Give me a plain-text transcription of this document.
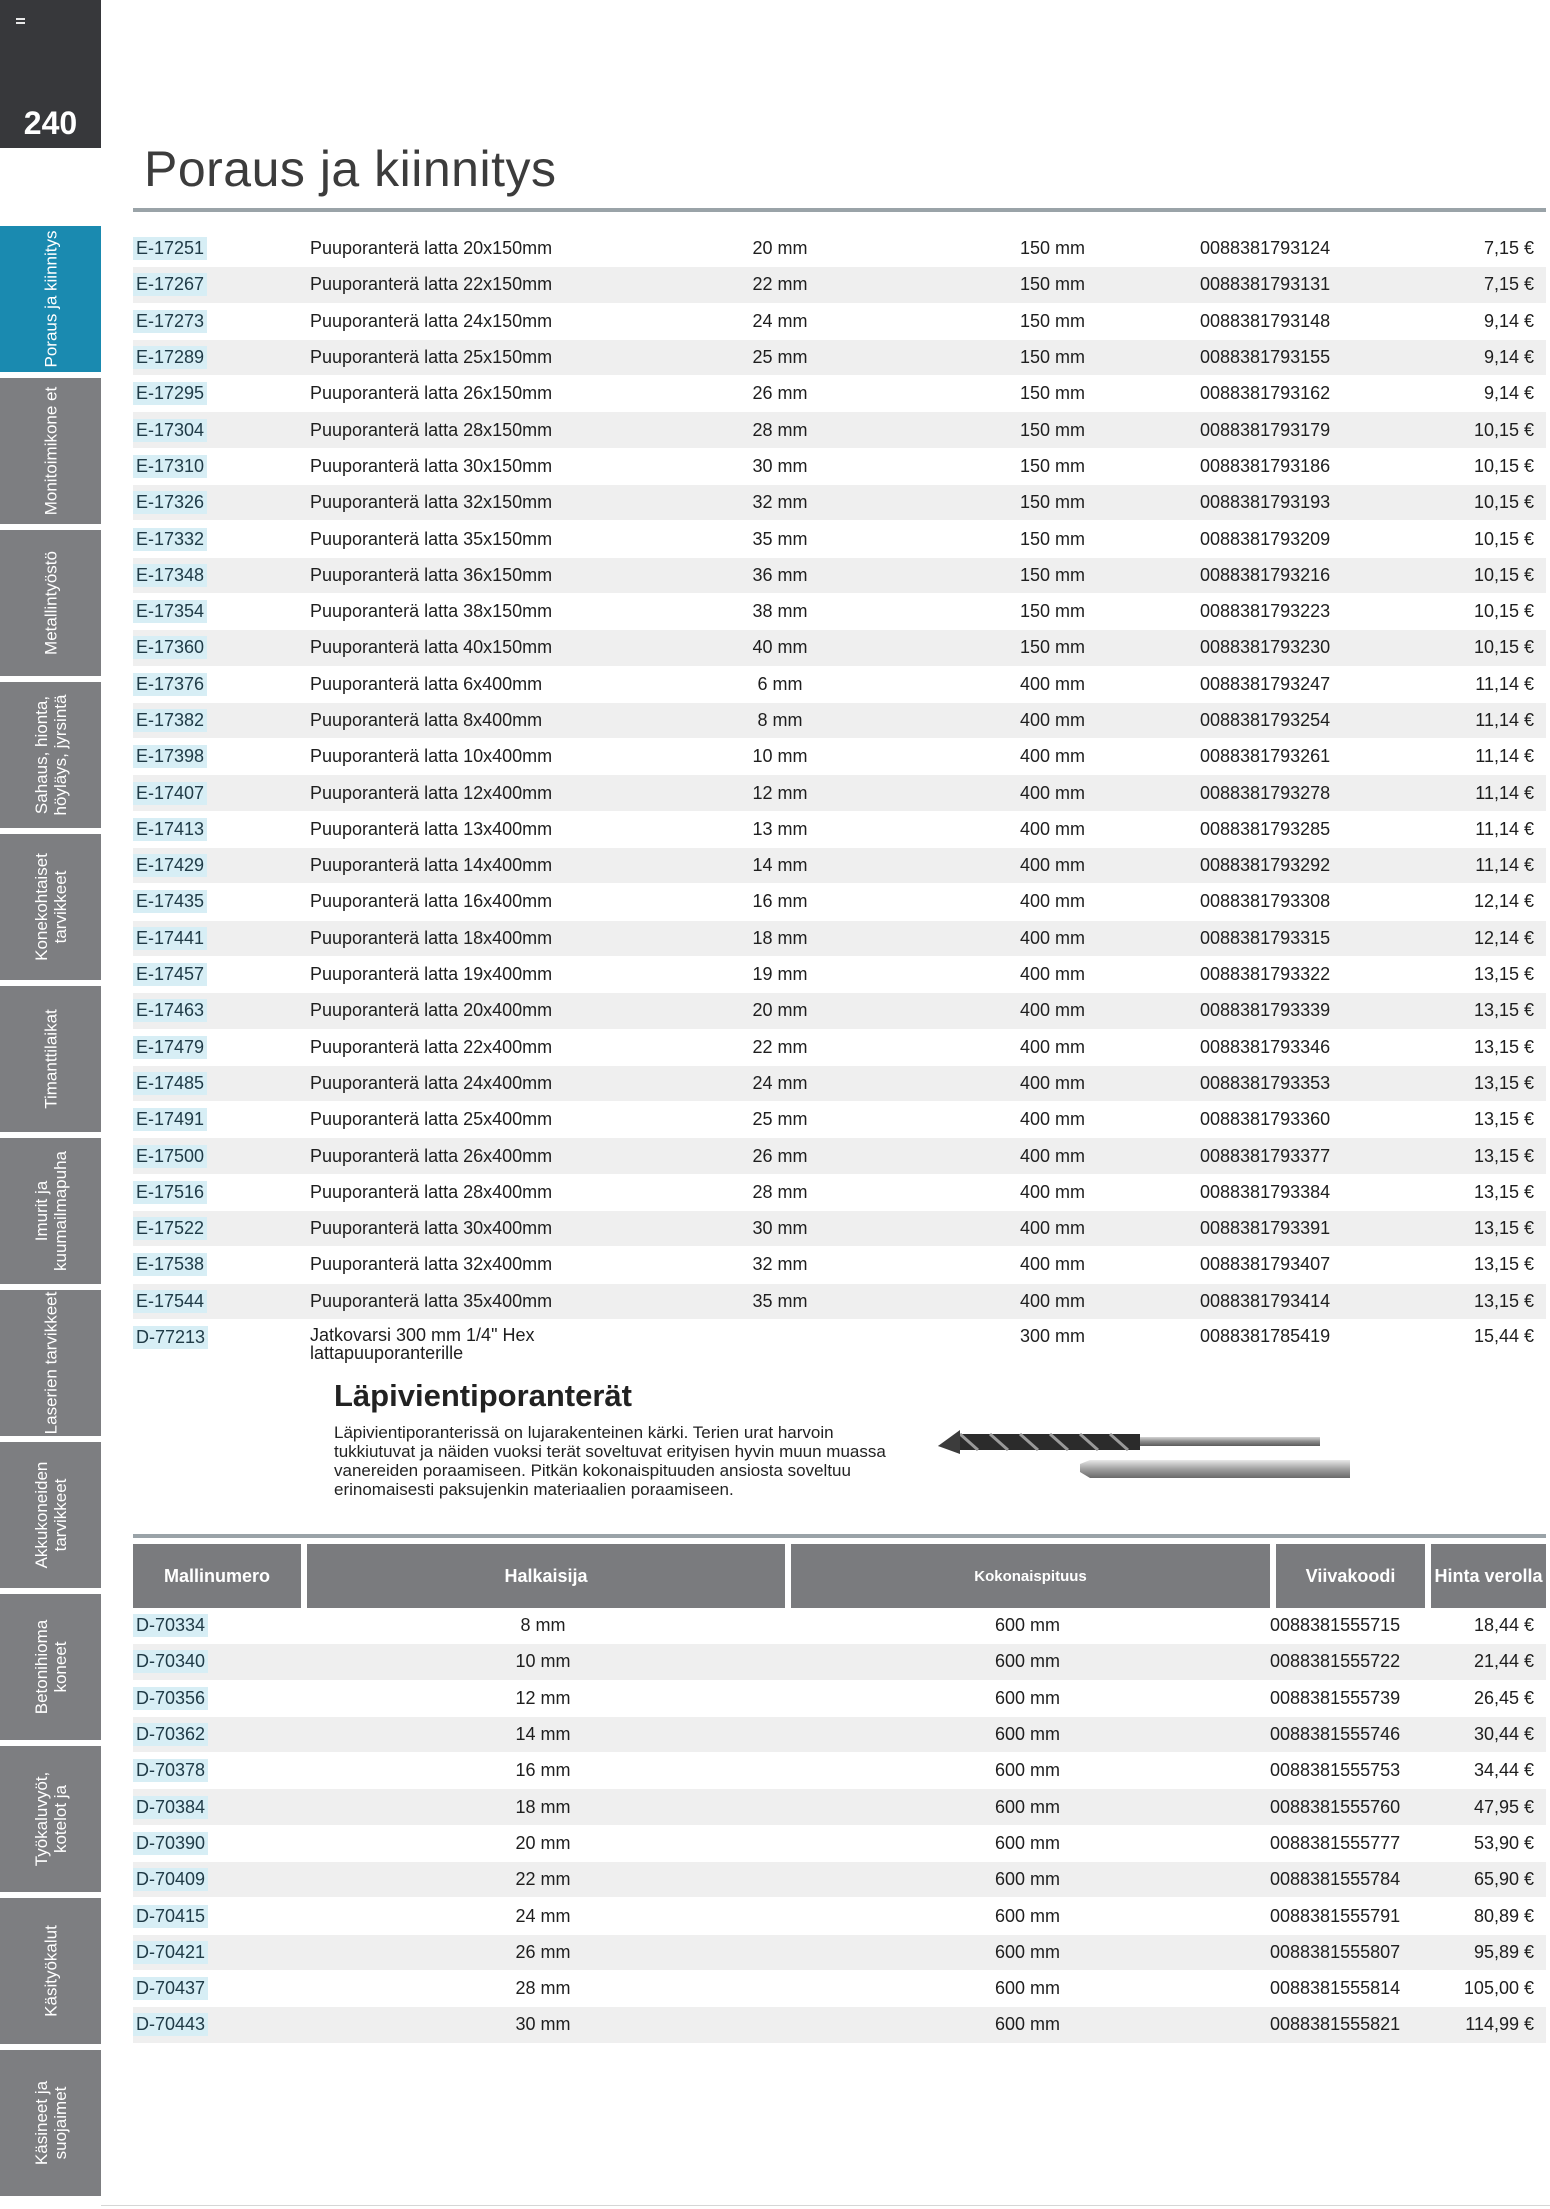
240
Poraus ja kiinnitys
Monitoimikone et
Metallintyöstö
Sahaus, hionta, höyläys, jyrsintä
Konekohtaiset tarvikkeet
Timanttilaikat
Imurit ja kuumailmapuha
Laserien tarvikkeet
Akkukoneiden tarvikkeet
Betonihioma koneet
Työkaluvyöt, kotelot ja
Käsityökalut
Käsineet ja suojaimet
Poraus ja kiinnitys
E-17251	Puuporanterä latta 20x150mm	20 mm	150 mm	0088381793124	7,15 €
E-17267	Puuporanterä latta 22x150mm	22 mm	150 mm	0088381793131	7,15 €
E-17273	Puuporanterä latta 24x150mm	24 mm	150 mm	0088381793148	9,14 €
E-17289	Puuporanterä latta 25x150mm	25 mm	150 mm	0088381793155	9,14 €
E-17295	Puuporanterä latta 26x150mm	26 mm	150 mm	0088381793162	9,14 €
E-17304	Puuporanterä latta 28x150mm	28 mm	150 mm	0088381793179	10,15 €
E-17310	Puuporanterä latta 30x150mm	30 mm	150 mm	0088381793186	10,15 €
E-17326	Puuporanterä latta 32x150mm	32 mm	150 mm	0088381793193	10,15 €
E-17332	Puuporanterä latta 35x150mm	35 mm	150 mm	0088381793209	10,15 €
E-17348	Puuporanterä latta 36x150mm	36 mm	150 mm	0088381793216	10,15 €
E-17354	Puuporanterä latta 38x150mm	38 mm	150 mm	0088381793223	10,15 €
E-17360	Puuporanterä latta 40x150mm	40 mm	150 mm	0088381793230	10,15 €
E-17376	Puuporanterä latta 6x400mm	6 mm	400 mm	0088381793247	11,14 €
E-17382	Puuporanterä latta 8x400mm	8 mm	400 mm	0088381793254	11,14 €
E-17398	Puuporanterä latta 10x400mm	10 mm	400 mm	0088381793261	11,14 €
E-17407	Puuporanterä latta 12x400mm	12 mm	400 mm	0088381793278	11,14 €
E-17413	Puuporanterä latta 13x400mm	13 mm	400 mm	0088381793285	11,14 €
E-17429	Puuporanterä latta 14x400mm	14 mm	400 mm	0088381793292	11,14 €
E-17435	Puuporanterä latta 16x400mm	16 mm	400 mm	0088381793308	12,14 €
E-17441	Puuporanterä latta 18x400mm	18 mm	400 mm	0088381793315	12,14 €
E-17457	Puuporanterä latta 19x400mm	19 mm	400 mm	0088381793322	13,15 €
E-17463	Puuporanterä latta 20x400mm	20 mm	400 mm	0088381793339	13,15 €
E-17479	Puuporanterä latta 22x400mm	22 mm	400 mm	0088381793346	13,15 €
E-17485	Puuporanterä latta 24x400mm	24 mm	400 mm	0088381793353	13,15 €
E-17491	Puuporanterä latta 25x400mm	25 mm	400 mm	0088381793360	13,15 €
E-17500	Puuporanterä latta 26x400mm	26 mm	400 mm	0088381793377	13,15 €
E-17516	Puuporanterä latta 28x400mm	28 mm	400 mm	0088381793384	13,15 €
E-17522	Puuporanterä latta 30x400mm	30 mm	400 mm	0088381793391	13,15 €
E-17538	Puuporanterä latta 32x400mm	32 mm	400 mm	0088381793407	13,15 €
E-17544	Puuporanterä latta 35x400mm	35 mm	400 mm	0088381793414	13,15 €
D-77213	Jatkovarsi 300 mm 1/4" Hex lattapuuporanterille		300 mm	0088381785419	15,44 €
Läpivientiporanterät

Läpivientiporanterissä on lujarakenteinen kärki. Terien urat harvoin tukkiutuvat ja näiden vuoksi terät soveltuvat erityisen hyvin muun muassa vanereiden poraamiseen. Pitkän kokonaispituuden ansiosta soveltuu erinomaisesti paksujenkin materiaalien poraamiseen.

Mallinumero	Halkaisija	Kokonaispituus	Viivakoodi	Hinta verolla
D-70334	8 mm	600 mm	0088381555715	18,44 €
D-70340	10 mm	600 mm	0088381555722	21,44 €
D-70356	12 mm	600 mm	0088381555739	26,45 €
D-70362	14 mm	600 mm	0088381555746	30,44 €
D-70378	16 mm	600 mm	0088381555753	34,44 €
D-70384	18 mm	600 mm	0088381555760	47,95 €
D-70390	20 mm	600 mm	0088381555777	53,90 €
D-70409	22 mm	600 mm	0088381555784	65,90 €
D-70415	24 mm	600 mm	0088381555791	80,89 €
D-70421	26 mm	600 mm	0088381555807	95,89 €
D-70437	28 mm	600 mm	0088381555814	105,00 €
D-70443	30 mm	600 mm	0088381555821	114,99 €
